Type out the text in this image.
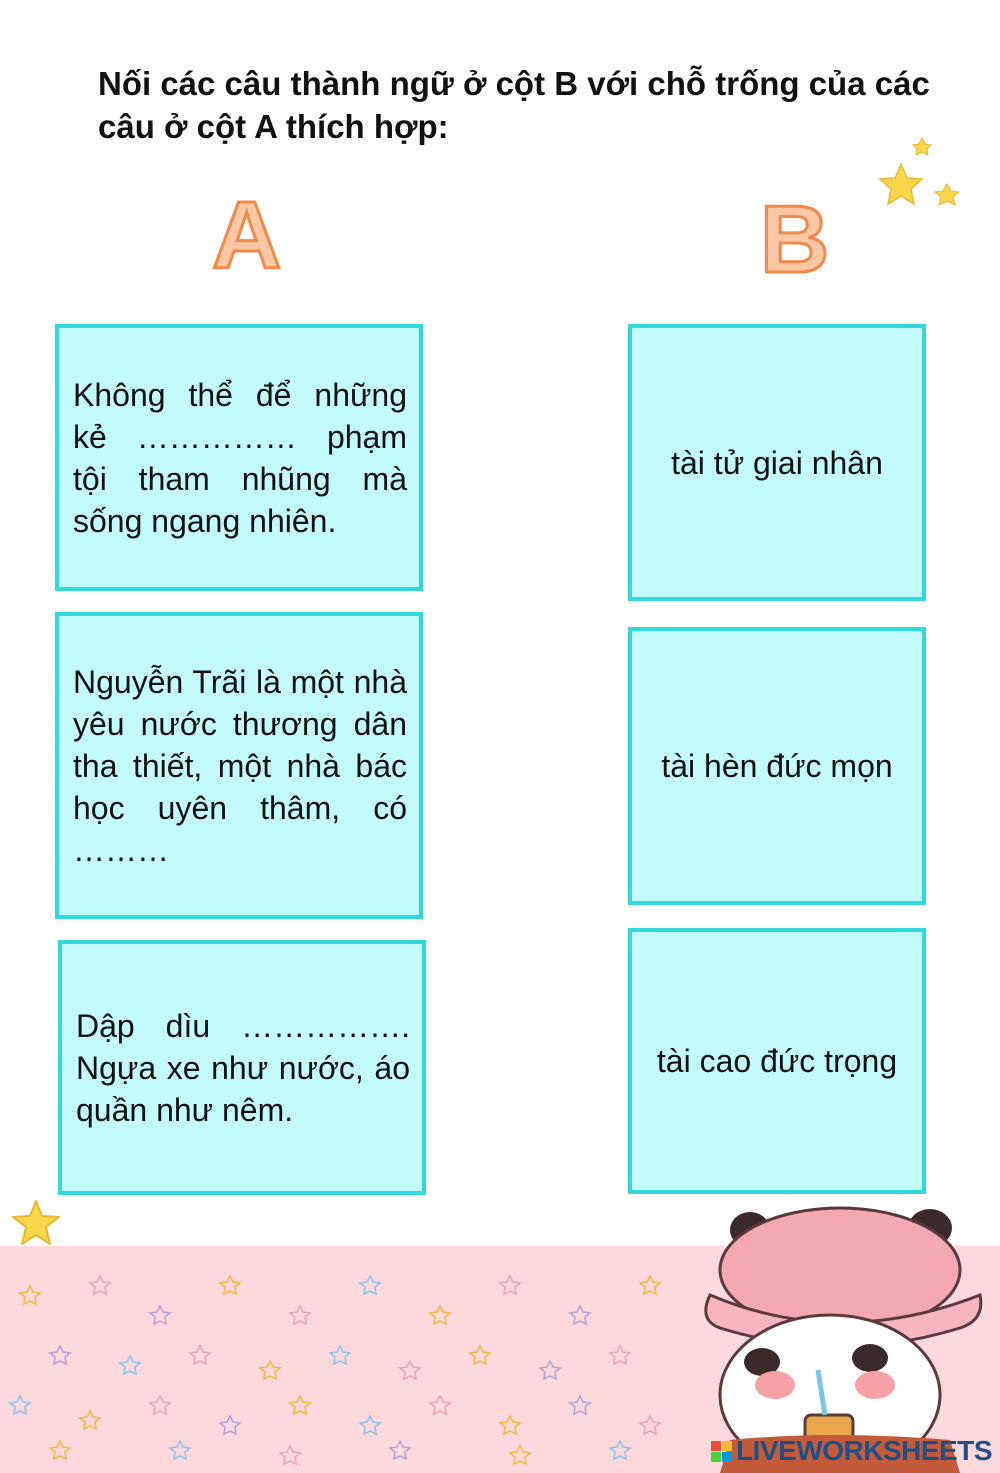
Nối các câu thành ngữ ở cột B với chỗ trống của các câu ở cột A thích hợp:
A	B

Không thể để những kẻ …………… phạm tội tham nhũng mà sống ngang nhiên.

Nguyễn Trãi là một nhà yêu nước thương dân tha thiết, một nhà bác học uyên thâm, có ………

Dập dìu ……………. Ngựa xe như nước, áo quần như nêm.

tài tử giai nhân
tài hèn đức mọn
tài cao đức trọng
LIVEWORKSHEETS
